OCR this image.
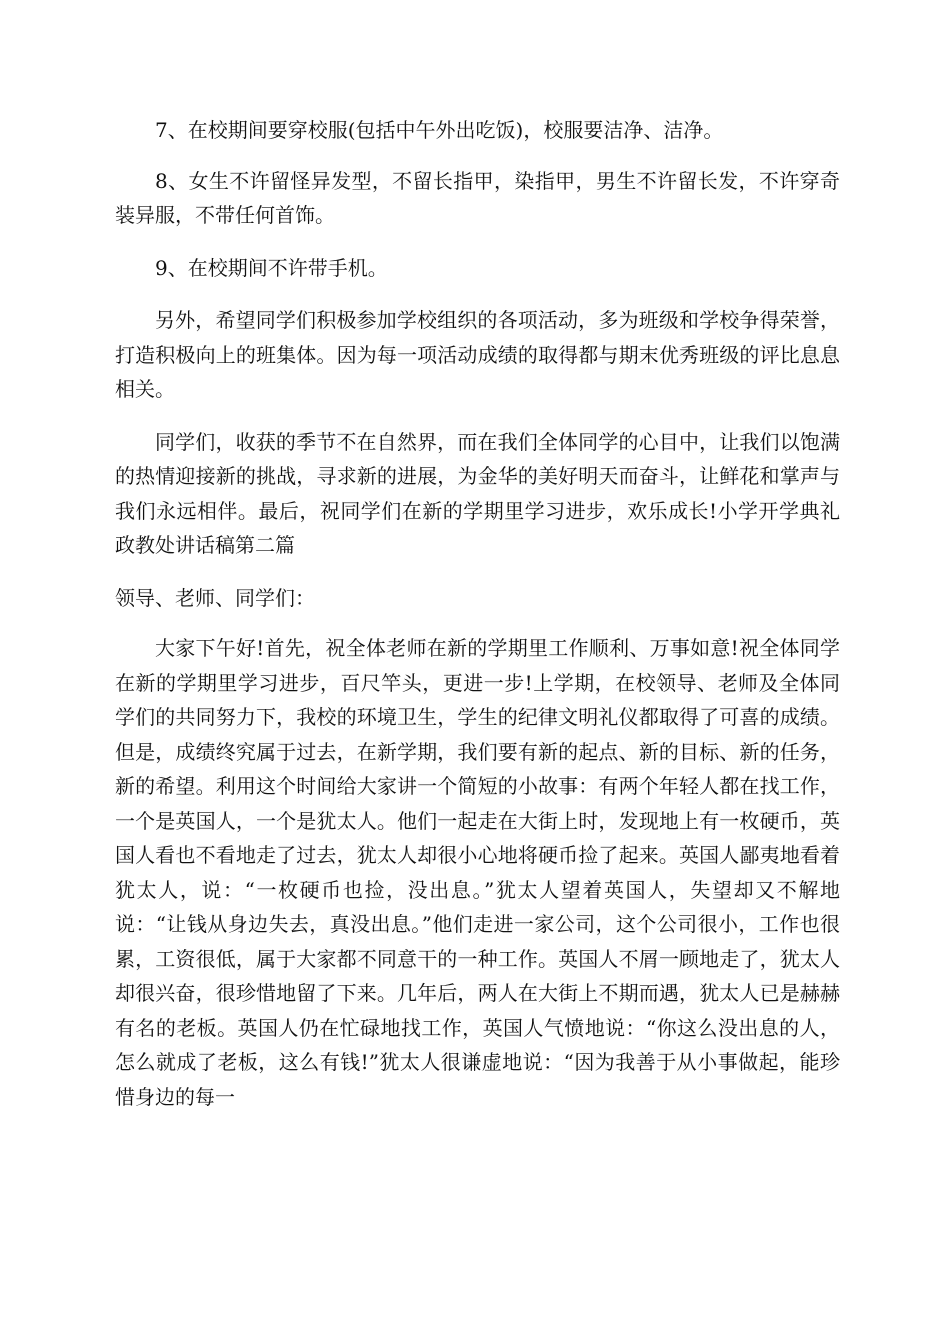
7、在校期间要穿校服(包括中午外出吃饭)，校服要洁净、洁净。

8、女生不许留怪异发型，不留长指甲，染指甲，男生不许留长发，不许穿奇装异服，不带任何首饰。

9、在校期间不许带手机。

另外，希望同学们积极参加学校组织的各项活动，多为班级和学校争得荣誉，打造积极向上的班集体。因为每一项活动成绩的取得都与期末优秀班级的评比息息相关。

同学们，收获的季节不在自然界，而在我们全体同学的心目中，让我们以饱满的热情迎接新的挑战，寻求新的进展，为金华的美好明天而奋斗，让鲜花和掌声与我们永远相伴。最后，祝同学们在新的学期里学习进步，欢乐成长!小学开学典礼政教处讲话稿第二篇

领导、老师、同学们：

大家下午好!首先，祝全体老师在新的学期里工作顺利、万事如意!祝全体同学在新的学期里学习进步，百尺竿头，更进一步!上学期，在校领导、老师及全体同学们的共同努力下，我校的环境卫生，学生的纪律文明礼仪都取得了可喜的成绩。但是，成绩终究属于过去，在新学期，我们要有新的起点、新的目标、新的任务，新的希望。利用这个时间给大家讲一个简短的小故事：有两个年轻人都在找工作，一个是英国人，一个是犹太人。他们一起走在大街上时，发现地上有一枚硬币，英国人看也不看地走了过去，犹太人却很小心地将硬币捡了起来。英国人鄙夷地看着犹太人，说：“一枚硬币也捡，没出息。”犹太人望着英国人，失望却又不解地说：“让钱从身边失去，真没出息。”他们走进一家公司，这个公司很小，工作也很累，工资很低，属于大家都不同意干的一种工作。英国人不屑一顾地走了，犹太人却很兴奋，很珍惜地留了下来。几年后，两人在大街上不期而遇，犹太人已是赫赫有名的老板。英国人仍在忙碌地找工作，英国人气愤地说：“你这么没出息的人，怎么就成了老板，这么有钱!”犹太人很谦虚地说：“因为我善于从小事做起，能珍惜身边的每一
